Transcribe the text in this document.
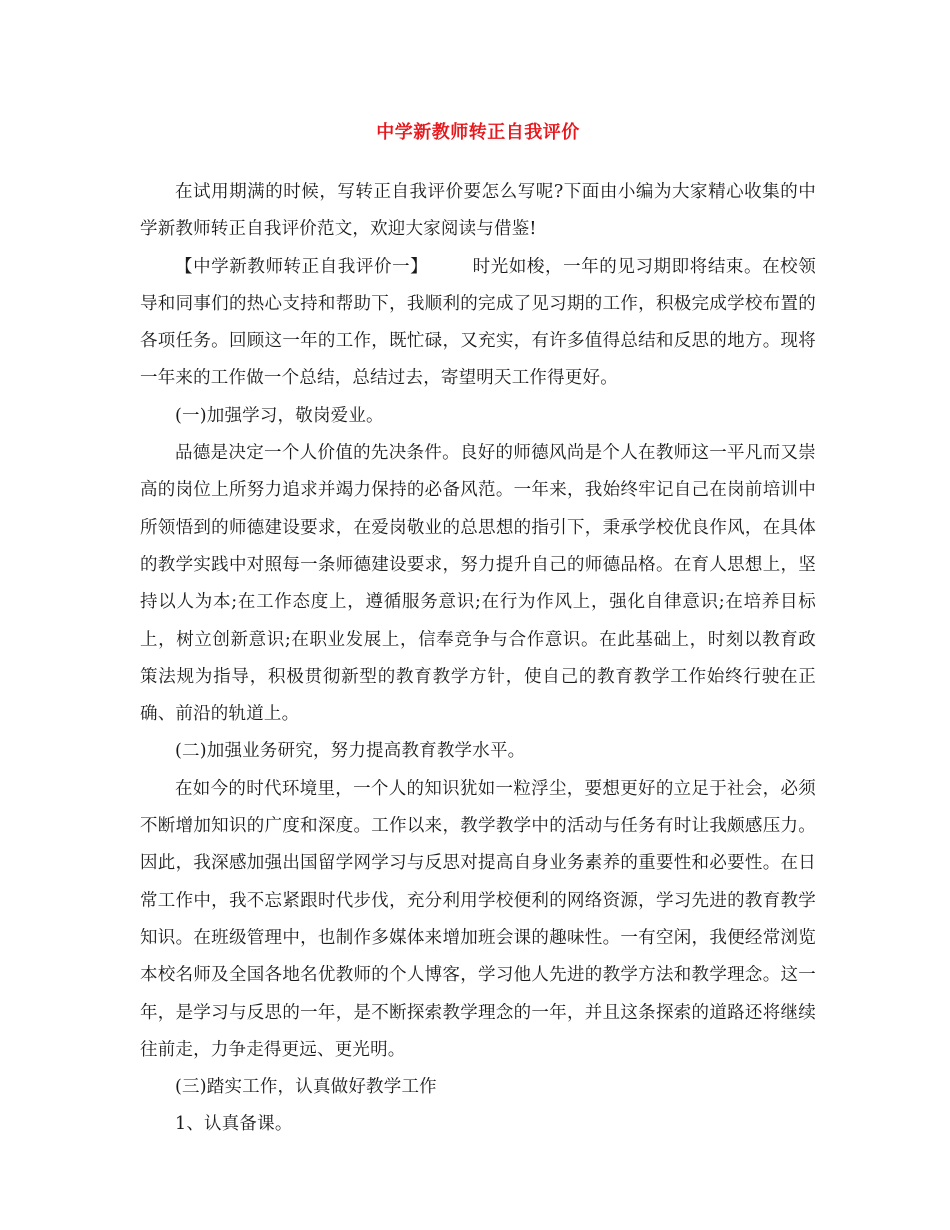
中学新教师转正自我评价

在试用期满的时候，写转正自我评价要怎么写呢?下面由小编为大家精心收集的中学新教师转正自我评价范文，欢迎大家阅读与借鉴!

【中学新教师转正自我评价一】	时光如梭，一年的见习期即将结束。在校领导和同事们的热心支持和帮助下，我顺利的完成了见习期的工作，积极完成学校布置的各项任务。回顾这一年的工作，既忙碌，又充实，有许多值得总结和反思的地方。现将一年来的工作做一个总结，总结过去，寄望明天工作得更好。

(一)加强学习，敬岗爱业。

品德是决定一个人价值的先决条件。良好的师德风尚是个人在教师这一平凡而又崇高的岗位上所努力追求并竭力保持的必备风范。一年来，我始终牢记自己在岗前培训中所领悟到的师德建设要求，在爱岗敬业的总思想的指引下，秉承学校优良作风，在具体的教学实践中对照每一条师德建设要求，努力提升自己的师德品格。在育人思想上，坚持以人为本;在工作态度上，遵循服务意识;在行为作风上，强化自律意识;在培养目标上，树立创新意识;在职业发展上，信奉竞争与合作意识。在此基础上，时刻以教育政策法规为指导，积极贯彻新型的教育教学方针，使自己的教育教学工作始终行驶在正确、前沿的轨道上。

(二)加强业务研究，努力提高教育教学水平。

在如今的时代环境里，一个人的知识犹如一粒浮尘，要想更好的立足于社会，必须不断增加知识的广度和深度。工作以来，教学教学中的活动与任务有时让我颇感压力。因此，我深感加强出国留学网学习与反思对提高自身业务素养的重要性和必要性。在日常工作中，我不忘紧跟时代步伐，充分利用学校便利的网络资源，学习先进的教育教学知识。在班级管理中，也制作多媒体来增加班会课的趣味性。一有空闲，我便经常浏览本校名师及全国各地名优教师的个人博客，学习他人先进的教学方法和教学理念。这一年，是学习与反思的一年，是不断探索教学理念的一年，并且这条探索的道路还将继续往前走，力争走得更远、更光明。

(三)踏实工作，认真做好教学工作

1、认真备课。
